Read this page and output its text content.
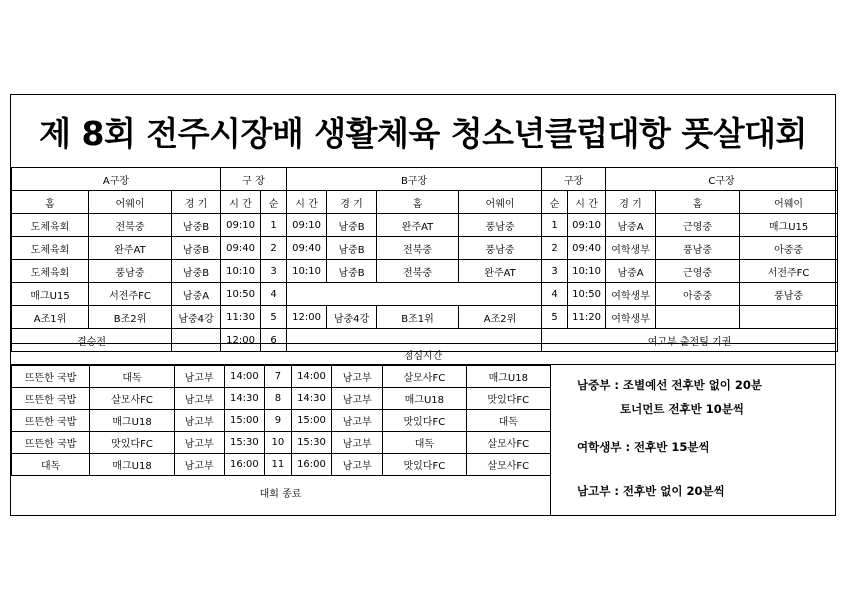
제 8회 전주시장배 생활체육 청소년클럽대항 풋살대회
A구장			구 장		B구장				구장		C구장		
홈	어웨이	경 기	시 간	순	시 간	경 기	홈	어웨이	순	시 간	경 기	홈	어웨이
도체육회	전북중	남중B	09:10	1	09:10	남중B	완주AT	풍남중	1	09:10	남중A	근영중	매그U15
도체육회	완주AT	남중B	09:40	2	09:40	남중B	전북중	풍남중	2	09:40	여학생부	풍남중	아중중
도체육회	풍남중	남중B	10:10	3	10:10	남중B	전북중	완주AT	3	10:10	남중A	근영중	서전주FC
매그U15	서전주FC	남중A	10:50	4					4	10:50	여학생부	아중중	풍남중
A조1위	B조2위	남중4강	11:30	5	12:00	남중4강	B조1위	A조2위	5	11:20	여학생부		
결승전			12:00	6					여고부 출전팀 기권				
점심시간
뜨뜬한 국밥	대독	남고부	14:00	7	14:00	남고부	살모사FC	매그U18
뜨뜬한 국밥	살모사FC	남고부	14:30	8	14:30	남고부	매그U18	맛있다FC
뜨뜬한 국밥	매그U18	남고부	15:00	9	15:00	남고부	맛있다FC	대독
뜨뜬한 국밥	맛있다FC	남고부	15:30	10	15:30	남고부	대독	살모사FC
대독	매그U18	남고부	16:00	11	16:00	남고부	맛있다FC	살모사FC
대회 종료
남중부 : 조별예선 전후반 없이 20분
토너먼트 전후반 10분씩
여학생부 : 전후반 15분씩
남고부 : 전후반 없이 20분씩
